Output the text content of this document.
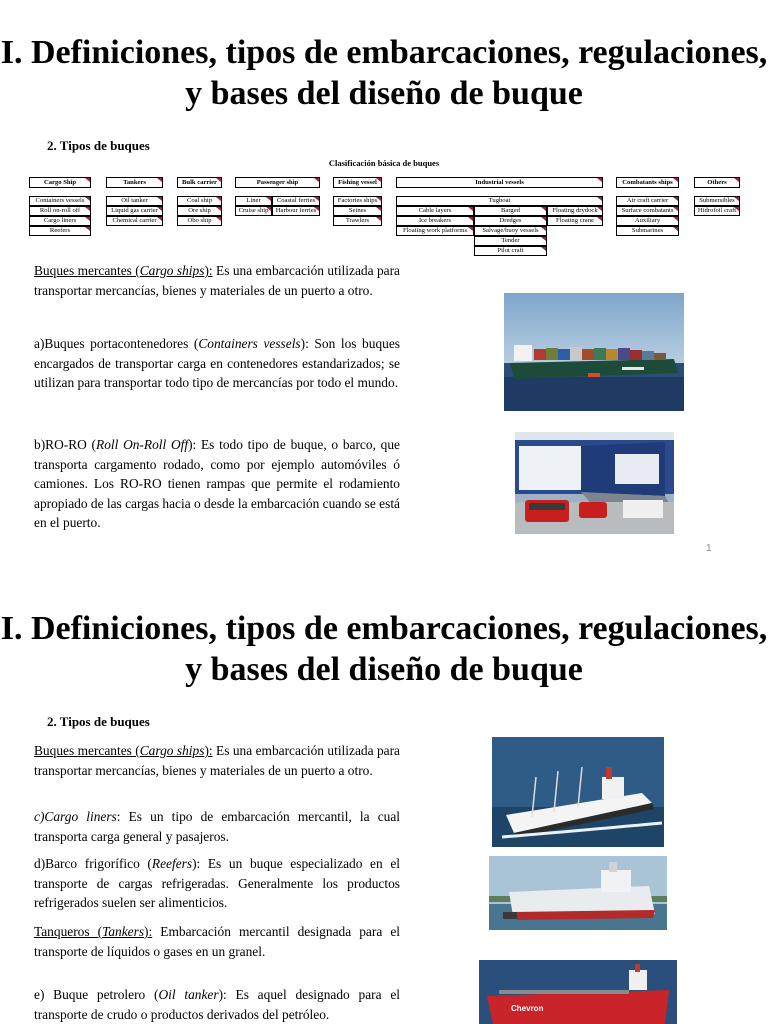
I. Definiciones, tipos de embarcaciones, regulaciones, y bases del diseño de buque
2. Tipos de buques
Clasificación básica de buques
Cargo Ship
Containers vessels
Roll on-roll off
Cargo liners
Reefers
Tankers
Oil tanker
Liquid gas carrier
Chemical carrier
Bulk carrier
Coal ship
Ore ship
Obo ship
Passenger ship
Liner	Coastal ferries
Cruise ship	Harbour ferries
Fishing vessel
Factories ships
Seines
Trawlers
Industrial vessels
Tugboat
Cable layers	Barged	Floating drydock
Ice breakers	Dredges	Floating crane
Floating work platforms	Salvage/buoy vessels
Tender
Pilot craft
Combatants ships
Air craft carrier
Surface combatants
Auxiliary
Submarines
Others
Submersibles
Hidrofoil craft

Buques mercantes (Cargo ships): Es una embarcación utilizada para transportar mercancías, bienes y materiales de un puerto a otro.

a)Buques portacontenedores (Containers vessels): Son los buques encargados de transportar carga en contenedores estandarizados; se utilizan para transportar todo tipo de mercancías por todo el mundo.

b)RO-RO (Roll On-Roll Off): Es todo tipo de buque, o barco, que transporta cargamento rodado, como por ejemplo automóviles ó camiones. Los RO-RO tienen rampas que permite el rodamiento apropiado de las cargas hacia o desde la embarcación cuando se está en el puerto.

1
I. Definiciones, tipos de embarcaciones, regulaciones, y bases del diseño de buque
2. Tipos de buques

Buques mercantes (Cargo ships): Es una embarcación utilizada para transportar mercancías, bienes y materiales de un puerto a otro.

c)Cargo liners: Es un tipo de embarcación mercantil, la cual transporta carga general y pasajeros.

d)Barco frigorífico (Reefers): Es un buque especializado en el transporte de cargas refrigeradas. Generalmente los productos refrigerados suelen ser alimenticios.

Tanqueros (Tankers): Embarcación mercantil designada para el transporte de líquidos o gases en un granel.

e) Buque petrolero (Oil tanker): Es aquel designado para el transporte de crudo o productos derivados del petróleo.	Chevron
